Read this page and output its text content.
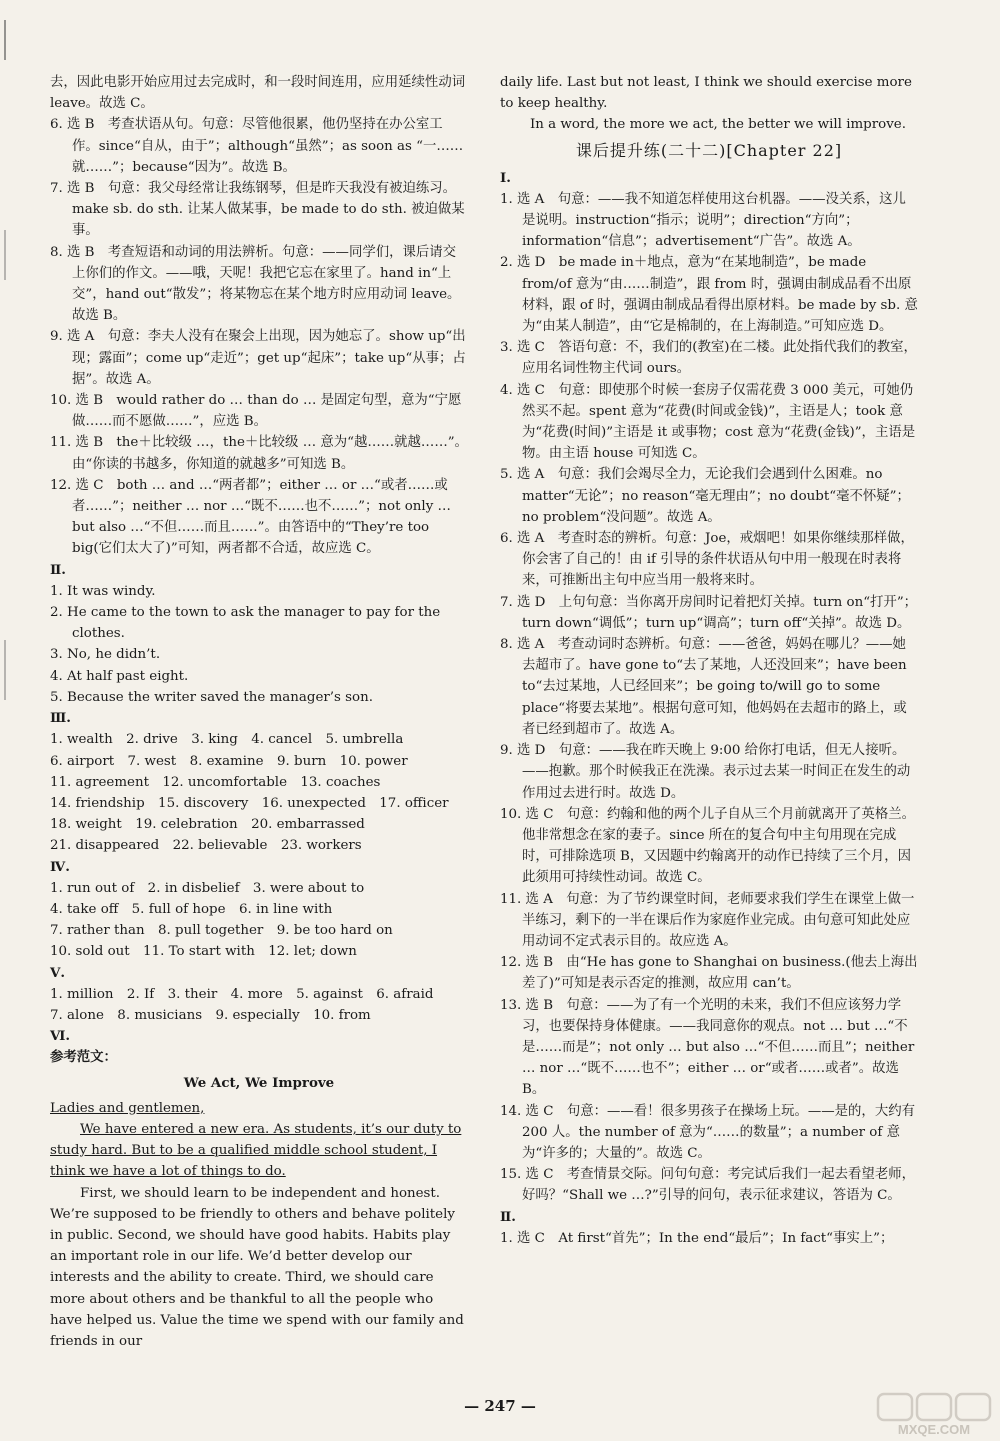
去，因此电影开始应用过去完成时，和一段时间连用，应用延续性动词 leave。故选 C。

6. 选 B　考查状语从句。句意：尽管他很累，他仍坚持在办公室工作。since“自从，由于”；although“虽然”；as soon as “一……就……”；because“因为”。故选 B。

7. 选 B　句意：我父母经常让我练钢琴，但是昨天我没有被迫练习。make sb. do sth. 让某人做某事，be made to do sth. 被迫做某事。

8. 选 B　考查短语和动词的用法辨析。句意：——同学们，课后请交上你们的作文。——哦，天呢！我把它忘在家里了。hand in“上交”，hand out“散发”；将某物忘在某个地方时应用动词 leave。故选 B。

9. 选 A　句意：李夫人没有在聚会上出现，因为她忘了。show up“出现；露面”；come up“走近”；get up“起床”；take up“从事；占据”。故选 A。

10. 选 B　would rather do … than do … 是固定句型，意为“宁愿做……而不愿做……”，应选 B。

11. 选 B　the＋比较级 …，the＋比较级 … 意为“越……就越……”。由“你读的书越多，你知道的就越多”可知选 B。

12. 选 C　both … and …“两者都”；either … or …“或者……或者……”；neither … nor …“既不……也不……”；not only … but also …“不但……而且……”。由答语中的“They’re too big(它们太大了)”可知，两者都不合适，故应选 C。

Ⅱ.

1. It was windy.

2. He came to the town to ask the manager to pay for the clothes.

3. No, he didn’t.

4. At half past eight.

5. Because the writer saved the manager’s son.

Ⅲ.

1. wealth　2. drive　3. king　4. cancel　5. umbrella

6. airport　7. west　8. examine　9. burn　10. power

11. agreement　12. uncomfortable　13. coaches

14. friendship　15. discovery　16. unexpected　17. officer

18. weight　19. celebration　20. embarrassed

21. disappeared　22. believable　23. workers

Ⅳ.

1. run out of　2. in disbelief　3. were about to

4. take off　5. full of hope　6. in line with

7. rather than　8. pull together　9. be too hard on

10. sold out　11. To start with　12. let; down

Ⅴ.

1. million　2. If　3. their　4. more　5. against　6. afraid

7. alone　8. musicians　9. especially　10. from

Ⅵ.

参考范文：

We Act, We Improve

Ladies and gentlemen,

We have entered a new era. As students, it’s our duty to study hard. But to be a qualified middle school student, I think we have a lot of things to do.

First, we should learn to be independent and honest. We’re supposed to be friendly to others and behave politely in public. Second, we should have good habits. Habits play an important role in our life. We’d better develop our interests and the ability to create. Third, we should care more about others and be thankful to all the people who have helped us. Value the time we spend with our family and friends in our

daily life. Last but not least, I think we should exercise more to keep healthy.

In a word, the more we act, the better we will improve.

课后提升练(二十二)[Chapter 22]

Ⅰ.

1. 选 A　句意：——我不知道怎样使用这台机器。——没关系，这儿是说明。instruction“指示；说明”；direction“方向”；information“信息”；advertisement“广告”。故选 A。

2. 选 D　be made in＋地点，意为“在某地制造”，be made from/of 意为“由……制造”，跟 from 时，强调由制成品看不出原材料，跟 of 时，强调由制成品看得出原材料。be made by sb. 意为“由某人制造”，由“它是棉制的，在上海制造。”可知应选 D。

3. 选 C　答语句意：不，我们的(教室)在二楼。此处指代我们的教室，应用名词性物主代词 ours。

4. 选 C　句意：即使那个时候一套房子仅需花费 3 000 美元，可她仍然买不起。spent 意为“花费(时间或金钱)”，主语是人；took 意为“花费(时间)”主语是 it 或事物；cost 意为“花费(金钱)”，主语是物。由主语 house 可知选 C。

5. 选 A　句意：我们会竭尽全力，无论我们会遇到什么困难。no matter“无论”；no reason“毫无理由”；no doubt“毫不怀疑”；no problem“没问题”。故选 A。

6. 选 A　考查时态的辨析。句意：Joe，戒烟吧！如果你继续那样做，你会害了自己的！由 if 引导的条件状语从句中用一般现在时表将来，可推断出主句中应当用一般将来时。

7. 选 D　上句句意：当你离开房间时记着把灯关掉。turn on“打开”；turn down“调低”；turn up“调高”；turn off“关掉”。故选 D。

8. 选 A　考查动词时态辨析。句意：——爸爸，妈妈在哪儿？——她去超市了。have gone to“去了某地，人还没回来”；have been to“去过某地，人已经回来”；be going to/will go to some place“将要去某地”。根据句意可知，他妈妈在去超市的路上，或者已经到超市了。故选 A。

9. 选 D　句意：——我在昨天晚上 9:00 给你打电话，但无人接听。——抱歉。那个时候我正在洗澡。表示过去某一时间正在发生的动作用过去进行时。故选 D。

10. 选 C　句意：约翰和他的两个儿子自从三个月前就离开了英格兰。他非常想念在家的妻子。since 所在的复合句中主句用现在完成时，可排除选项 B，又因题中约翰离开的动作已持续了三个月，因此须用可持续性动词。故选 C。

11. 选 A　句意：为了节约课堂时间，老师要求我们学生在课堂上做一半练习，剩下的一半在课后作为家庭作业完成。由句意可知此处应用动词不定式表示目的。故应选 A。

12. 选 B　由“He has gone to Shanghai on business.(他去上海出差了)”可知是表示否定的推测，故应用 can’t。

13. 选 B　句意：——为了有一个光明的未来，我们不但应该努力学习，也要保持身体健康。——我同意你的观点。not … but …“不是……而是”；not only … but also …“不但……而且”；neither … nor …“既不……也不”；either … or“或者……或者”。故选 B。

14. 选 C　句意：——看！很多男孩子在操场上玩。——是的，大约有 200 人。the number of 意为“……的数量”；a number of 意为“许多的；大量的”。故选 C。

15. 选 C　考查情景交际。问句句意：考完试后我们一起去看望老师，好吗？“Shall we …?”引导的问句，表示征求建议，答语为 C。

Ⅱ.

1. 选 C　At first“首先”；In the end“最后”；In fact“事实上”；

— 247 —
MXQE.COM
